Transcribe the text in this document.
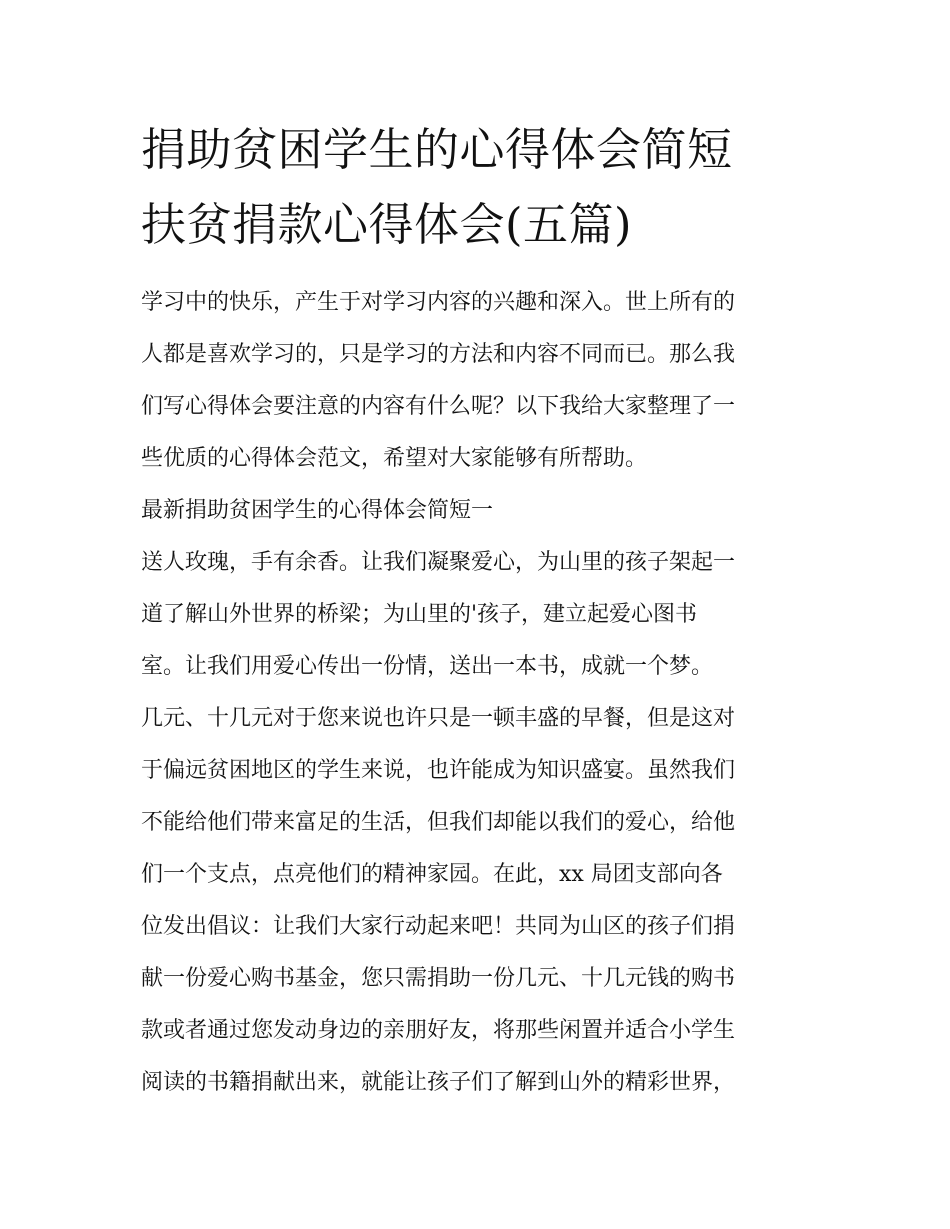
捐助贫困学生的心得体会简短
扶贫捐款心得体会(五篇)
学习中的快乐，产生于对学习内容的兴趣和深入。世上所有的
人都是喜欢学习的，只是学习的方法和内容不同而已。那么我
们写心得体会要注意的内容有什么呢？以下我给大家整理了一
些优质的心得体会范文，希望对大家能够有所帮助。
最新捐助贫困学生的心得体会简短一
送人玫瑰，手有余香。让我们凝聚爱心，为山里的孩子架起一
道了解山外世界的桥梁；为山里的'孩子，建立起爱心图书
室。让我们用爱心传出一份情，送出一本书，成就一个梦。
几元、十几元对于您来说也许只是一顿丰盛的早餐，但是这对
于偏远贫困地区的学生来说，也许能成为知识盛宴。虽然我们
不能给他们带来富足的生活，但我们却能以我们的爱心，给他
们一个支点，点亮他们的精神家园。在此，xx 局团支部向各
位发出倡议：让我们大家行动起来吧！共同为山区的孩子们捐
献一份爱心购书基金，您只需捐助一份几元、十几元钱的购书
款或者通过您发动身边的亲朋好友，将那些闲置并适合小学生
阅读的书籍捐献出来，就能让孩子们了解到山外的精彩世界，
